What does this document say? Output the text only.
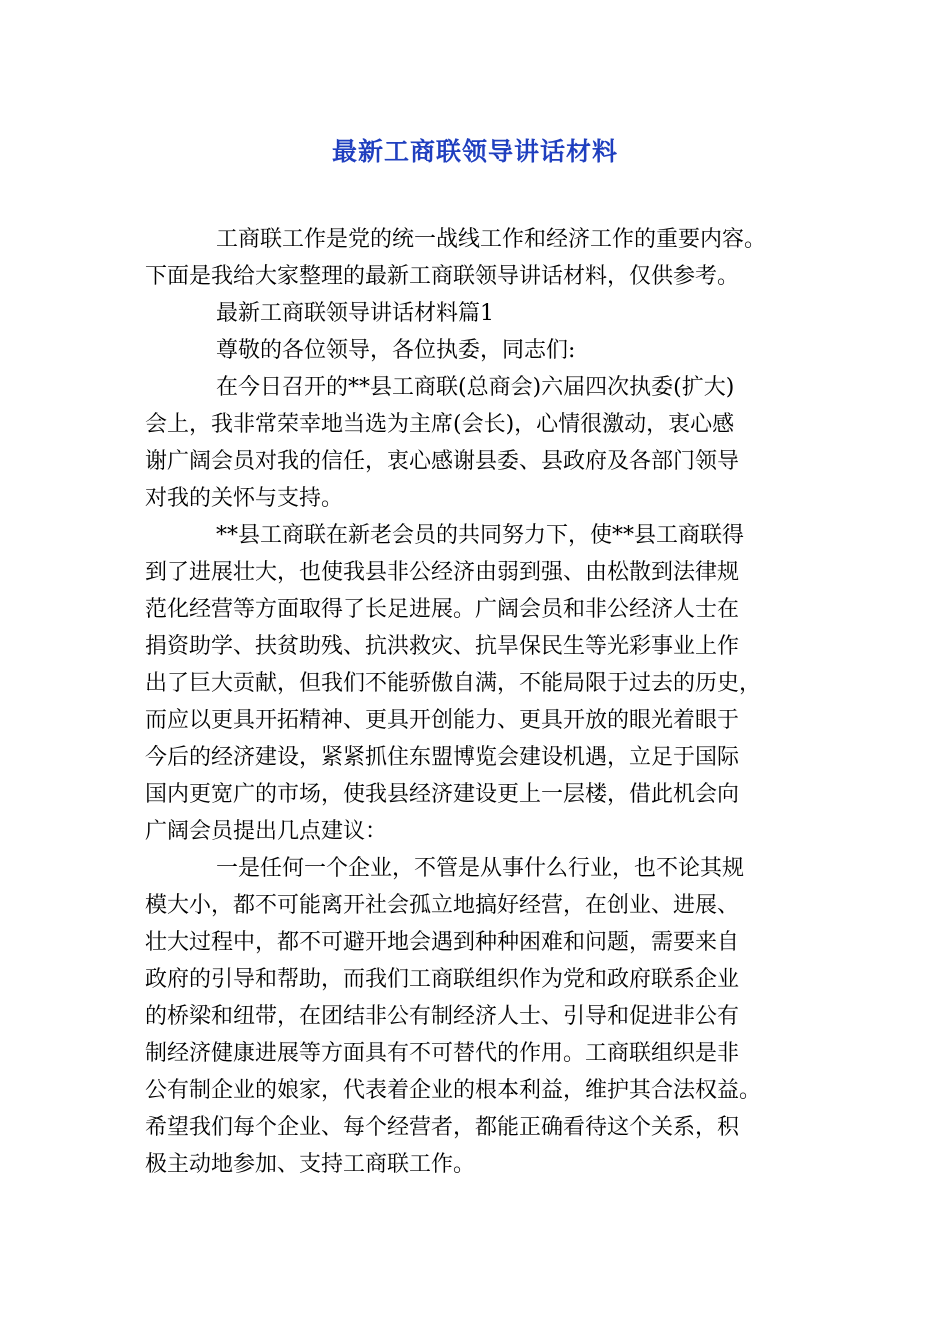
最新工商联领导讲话材料
工商联工作是党的统一战线工作和经济工作的重要内容。
下面是我给大家整理的最新工商联领导讲话材料，仅供参考。
最新工商联领导讲话材料篇1
尊敬的各位领导，各位执委，同志们:
在今日召开的**县工商联(总商会)六届四次执委(扩大)
会上，我非常荣幸地当选为主席(会长)，心情很激动，衷心感
谢广阔会员对我的信任，衷心感谢县委、县政府及各部门领导
对我的关怀与支持。
**县工商联在新老会员的共同努力下，使**县工商联得
到了进展壮大，也使我县非公经济由弱到强、由松散到法律规
范化经营等方面取得了长足进展。广阔会员和非公经济人士在
捐资助学、扶贫助残、抗洪救灾、抗旱保民生等光彩事业上作
出了巨大贡献，但我们不能骄傲自满，不能局限于过去的历史，
而应以更具开拓精神、更具开创能力、更具开放的眼光着眼于
今后的经济建设，紧紧抓住东盟博览会建设机遇，立足于国际
国内更宽广的市场，使我县经济建设更上一层楼，借此机会向
广阔会员提出几点建议：
一是任何一个企业，不管是从事什么行业，也不论其规
模大小，都不可能离开社会孤立地搞好经营，在创业、进展、
壮大过程中，都不可避开地会遇到种种困难和问题，需要来自
政府的引导和帮助，而我们工商联组织作为党和政府联系企业
的桥梁和纽带，在团结非公有制经济人士、引导和促进非公有
制经济健康进展等方面具有不可替代的作用。工商联组织是非
公有制企业的娘家，代表着企业的根本利益，维护其合法权益。
希望我们每个企业、每个经营者，都能正确看待这个关系，积
极主动地参加、支持工商联工作。
